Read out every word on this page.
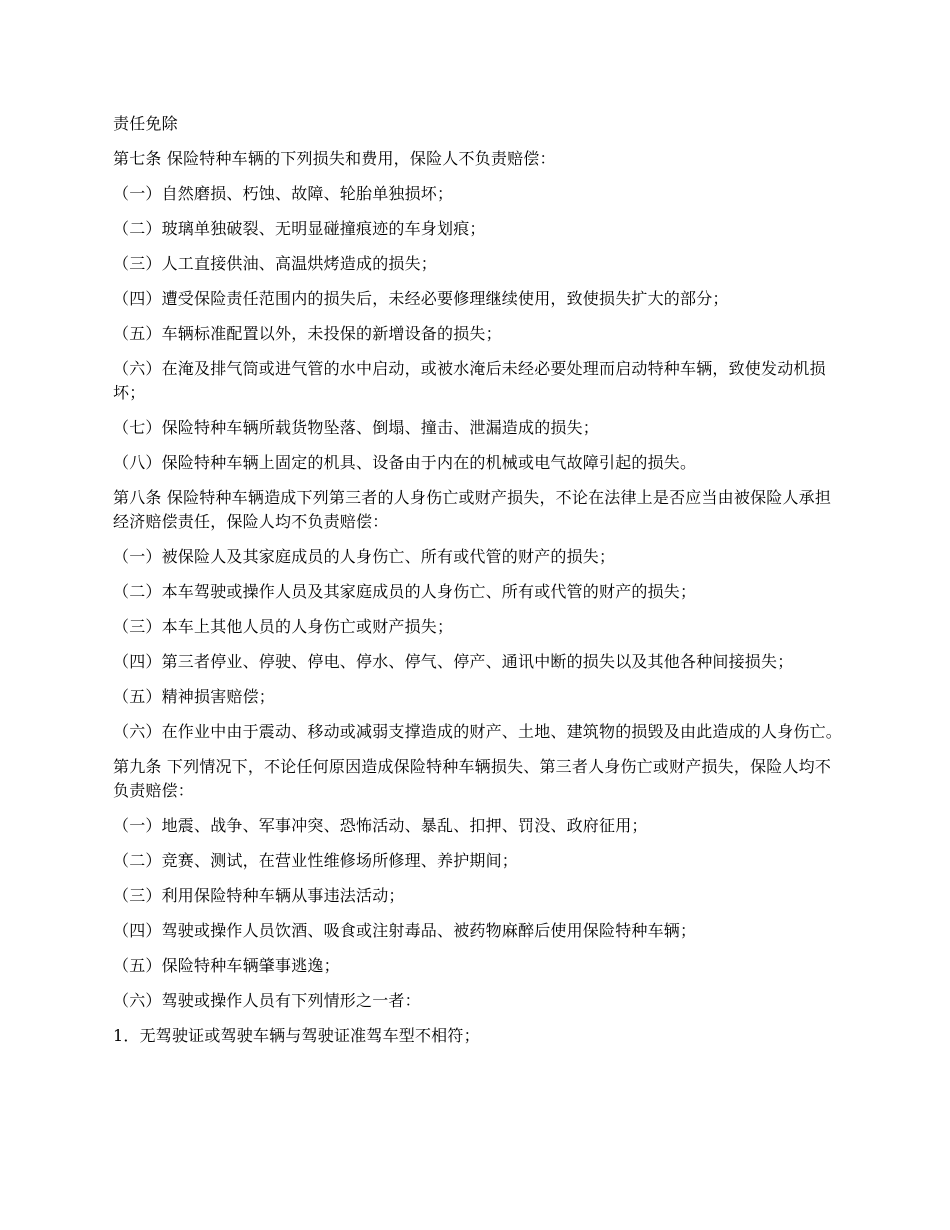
责任免除

第七条 保险特种车辆的下列损失和费用，保险人不负责赔偿：

（一）自然磨损、朽蚀、故障、轮胎单独损坏；

（二）玻璃单独破裂、无明显碰撞痕迹的车身划痕；

（三）人工直接供油、高温烘烤造成的损失；

（四）遭受保险责任范围内的损失后，未经必要修理继续使用，致使损失扩大的部分；

（五）车辆标准配置以外，未投保的新增设备的损失；

（六）在淹及排气筒或进气管的水中启动，或被水淹后未经必要处理而启动特种车辆，致使发动机损坏；

（七）保险特种车辆所载货物坠落、倒塌、撞击、泄漏造成的损失；

（八）保险特种车辆上固定的机具、设备由于内在的机械或电气故障引起的损失。

第八条 保险特种车辆造成下列第三者的人身伤亡或财产损失，不论在法律上是否应当由被保险人承担经济赔偿责任，保险人均不负责赔偿：

（一）被保险人及其家庭成员的人身伤亡、所有或代管的财产的损失；

（二）本车驾驶或操作人员及其家庭成员的人身伤亡、所有或代管的财产的损失；

（三）本车上其他人员的人身伤亡或财产损失；

（四）第三者停业、停驶、停电、停水、停气、停产、通讯中断的损失以及其他各种间接损失；

（五）精神损害赔偿；

（六）在作业中由于震动、移动或减弱支撑造成的财产、土地、建筑物的损毁及由此造成的人身伤亡。

第九条 下列情况下，不论任何原因造成保险特种车辆损失、第三者人身伤亡或财产损失，保险人均不负责赔偿：

（一）地震、战争、军事冲突、恐怖活动、暴乱、扣押、罚没、政府征用；

（二）竞赛、测试，在营业性维修场所修理、养护期间；

（三）利用保险特种车辆从事违法活动；

（四）驾驶或操作人员饮酒、吸食或注射毒品、被药物麻醉后使用保险特种车辆；

（五）保险特种车辆肇事逃逸；

（六）驾驶或操作人员有下列情形之一者：

1．无驾驶证或驾驶车辆与驾驶证准驾车型不相符；
